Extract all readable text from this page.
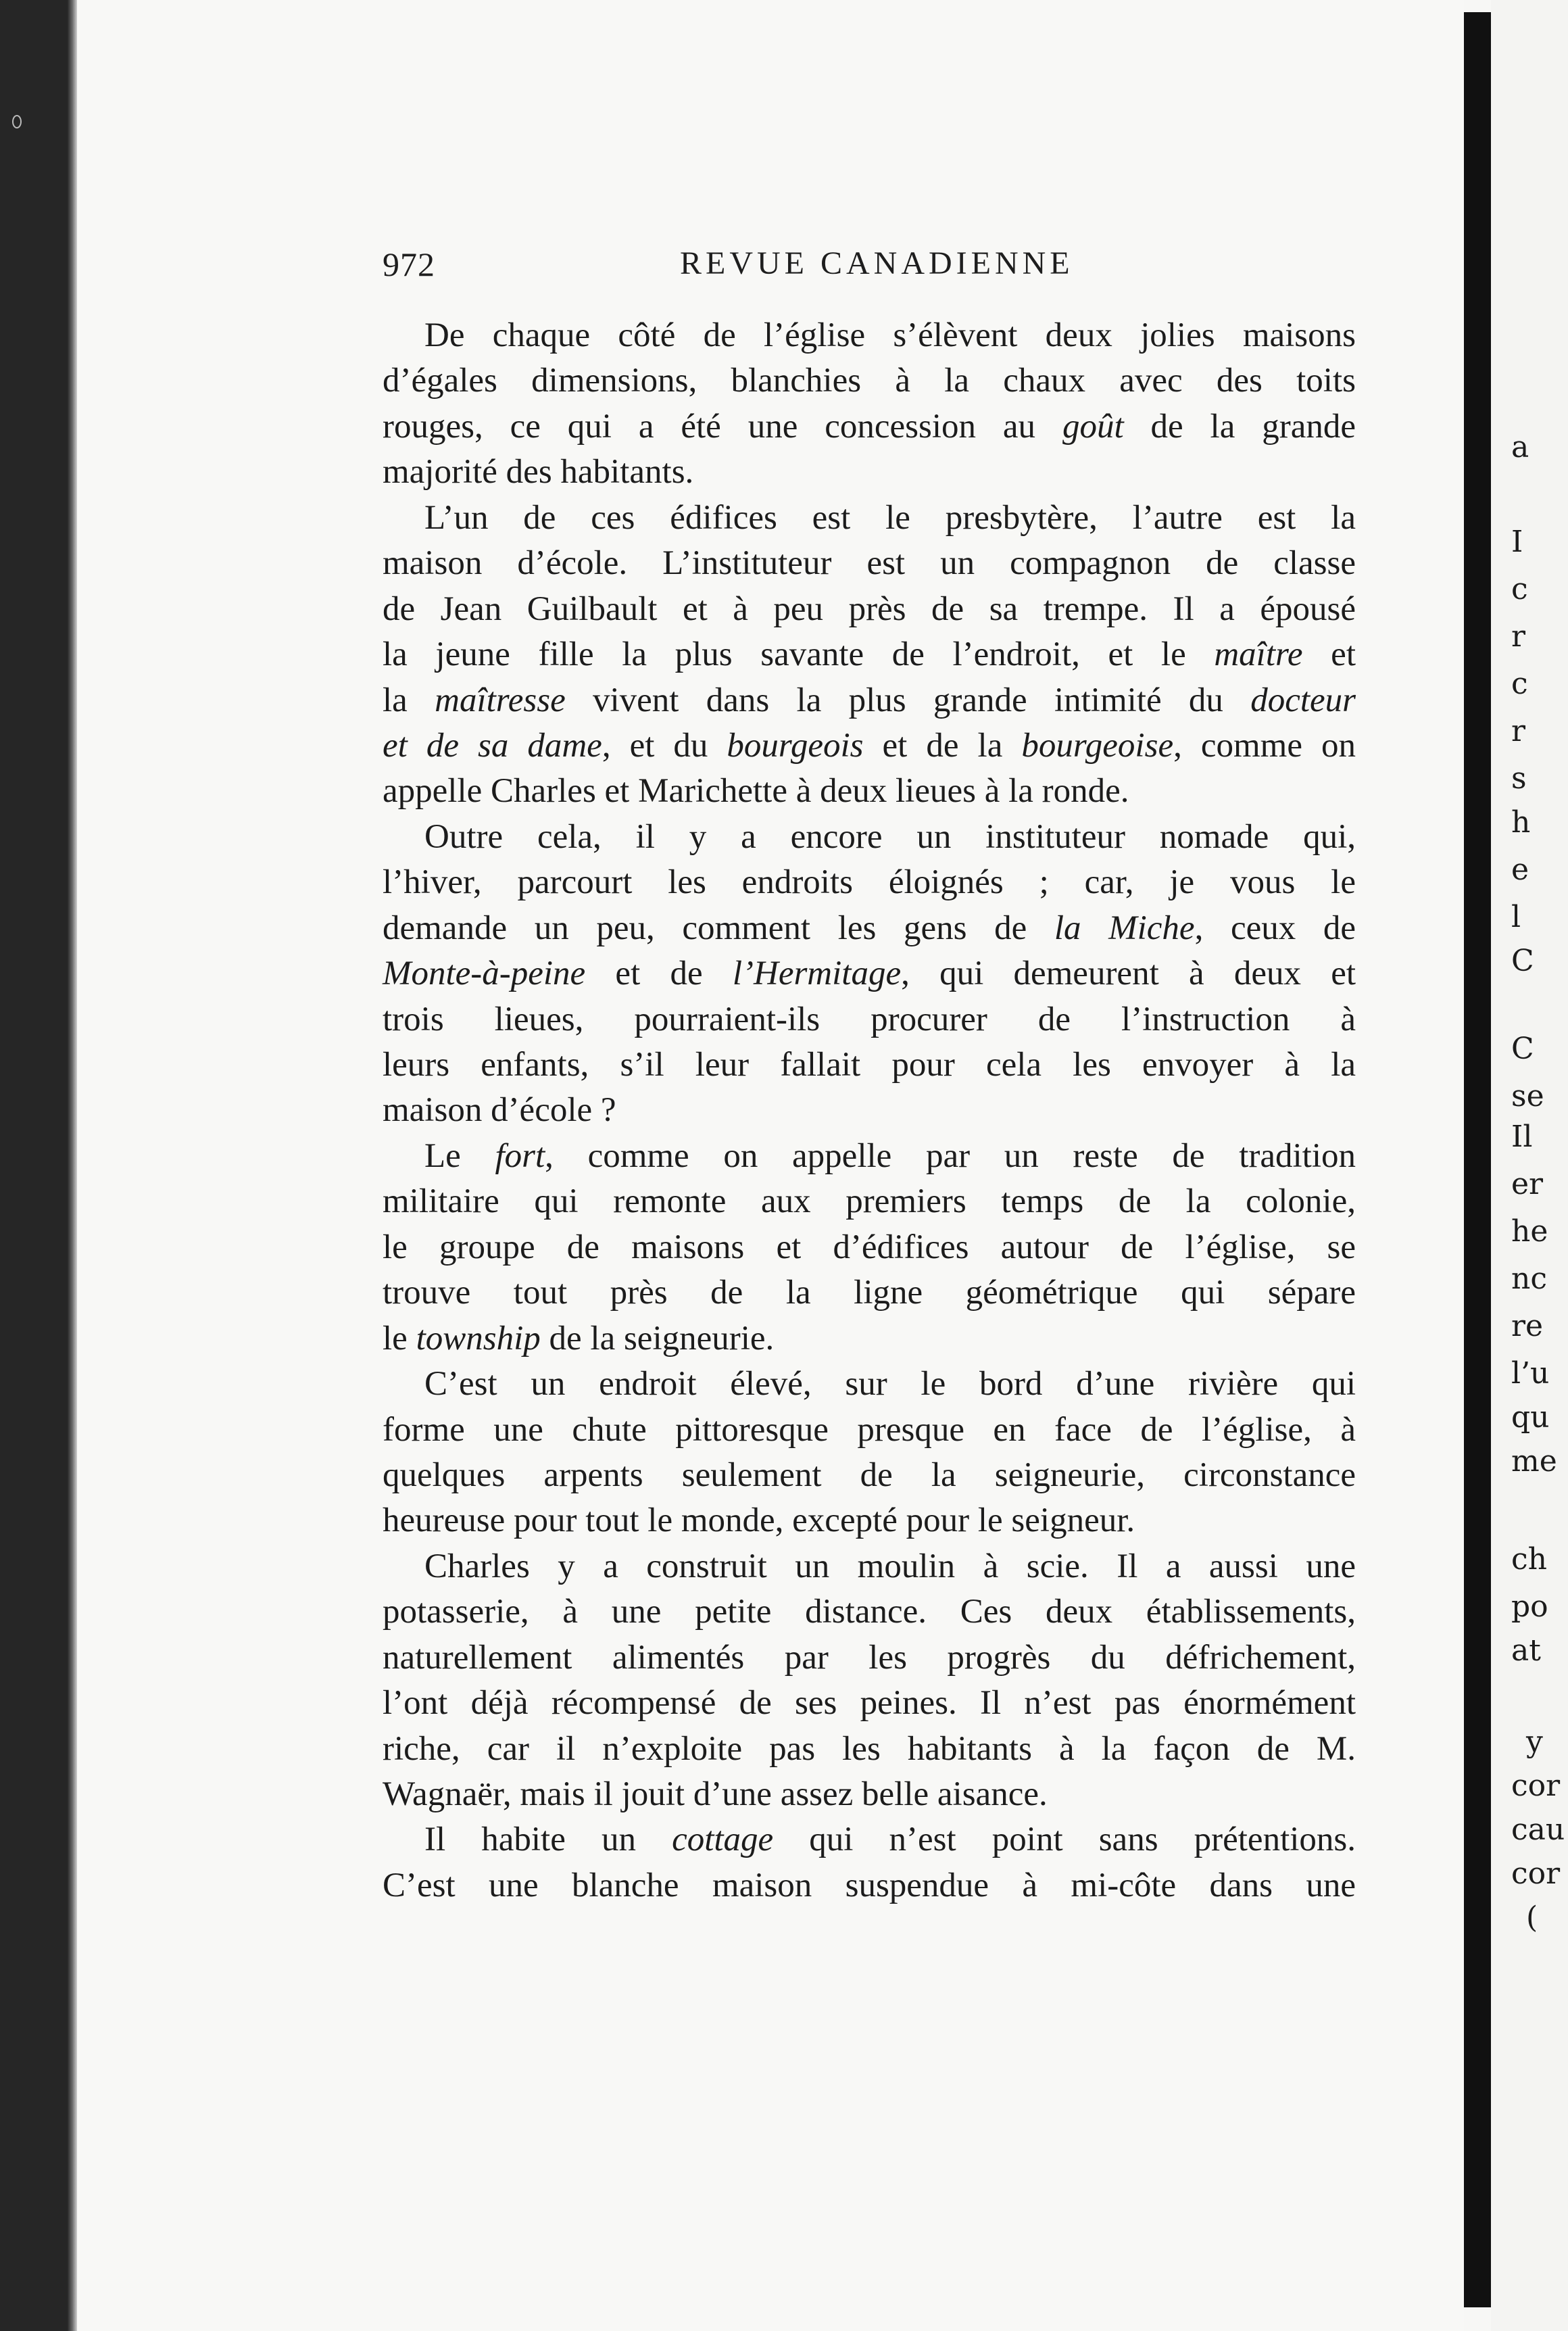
972	REVUE CANADIENNE
De chaque côté de l’église s’élèvent deux jolies maisons
d’égales dimensions, blanchies à la chaux avec des toits
rouges, ce qui a été une concession au goût de la grande
majorité des habitants.
L’un de ces édifices est le presbytère, l’autre est la
maison d’école. L’instituteur est un compagnon de classe
de Jean Guilbault et à peu près de sa trempe. Il a épousé
la jeune fille la plus savante de l’endroit, et le maître et
la maîtresse vivent dans la plus grande intimité du docteur
et de sa dame, et du bourgeois et de la bourgeoise, comme on
appelle Charles et Marichette à deux lieues à la ronde.
Outre cela, il y a encore un instituteur nomade qui,
l’hiver, parcourt les endroits éloignés ; car, je vous le
demande un peu, comment les gens de la Miche, ceux de
Monte-à-peine et de l’Hermitage, qui demeurent à deux et
trois lieues, pourraient-ils procurer de l’instruction à
leurs enfants, s’il leur fallait pour cela les envoyer à la
maison d’école ?
Le fort, comme on appelle par un reste de tradition
militaire qui remonte aux premiers temps de la colonie,
le groupe de maisons et d’édifices autour de l’église, se
trouve tout près de la ligne géométrique qui sépare
le township de la seigneurie.
C’est un endroit élevé, sur le bord d’une rivière qui
forme une chute pittoresque presque en face de l’église, à
quelques arpents seulement de la seigneurie, circonstance
heureuse pour tout le monde, excepté pour le seigneur.
Charles y a construit un moulin à scie. Il a aussi une
potasserie, à une petite distance. Ces deux établissements,
naturellement alimentés par les progrès du défrichement,
l’ont déjà récompensé de ses peines. Il n’est pas énormément
riche, car il n’exploite pas les habitants à la façon de M.
Wagnaër, mais il jouit d’une assez belle aisance.
Il habite un cottage qui n’est point sans prétentions.
C’est une blanche maison suspendue à mi-côte dans une
a
I
c
r
c
r
s
h
e
l
C
C
se
Il
er
he
nc
re
l’u
qu
me
ch
po
at
y
cor
cau
cor
(
